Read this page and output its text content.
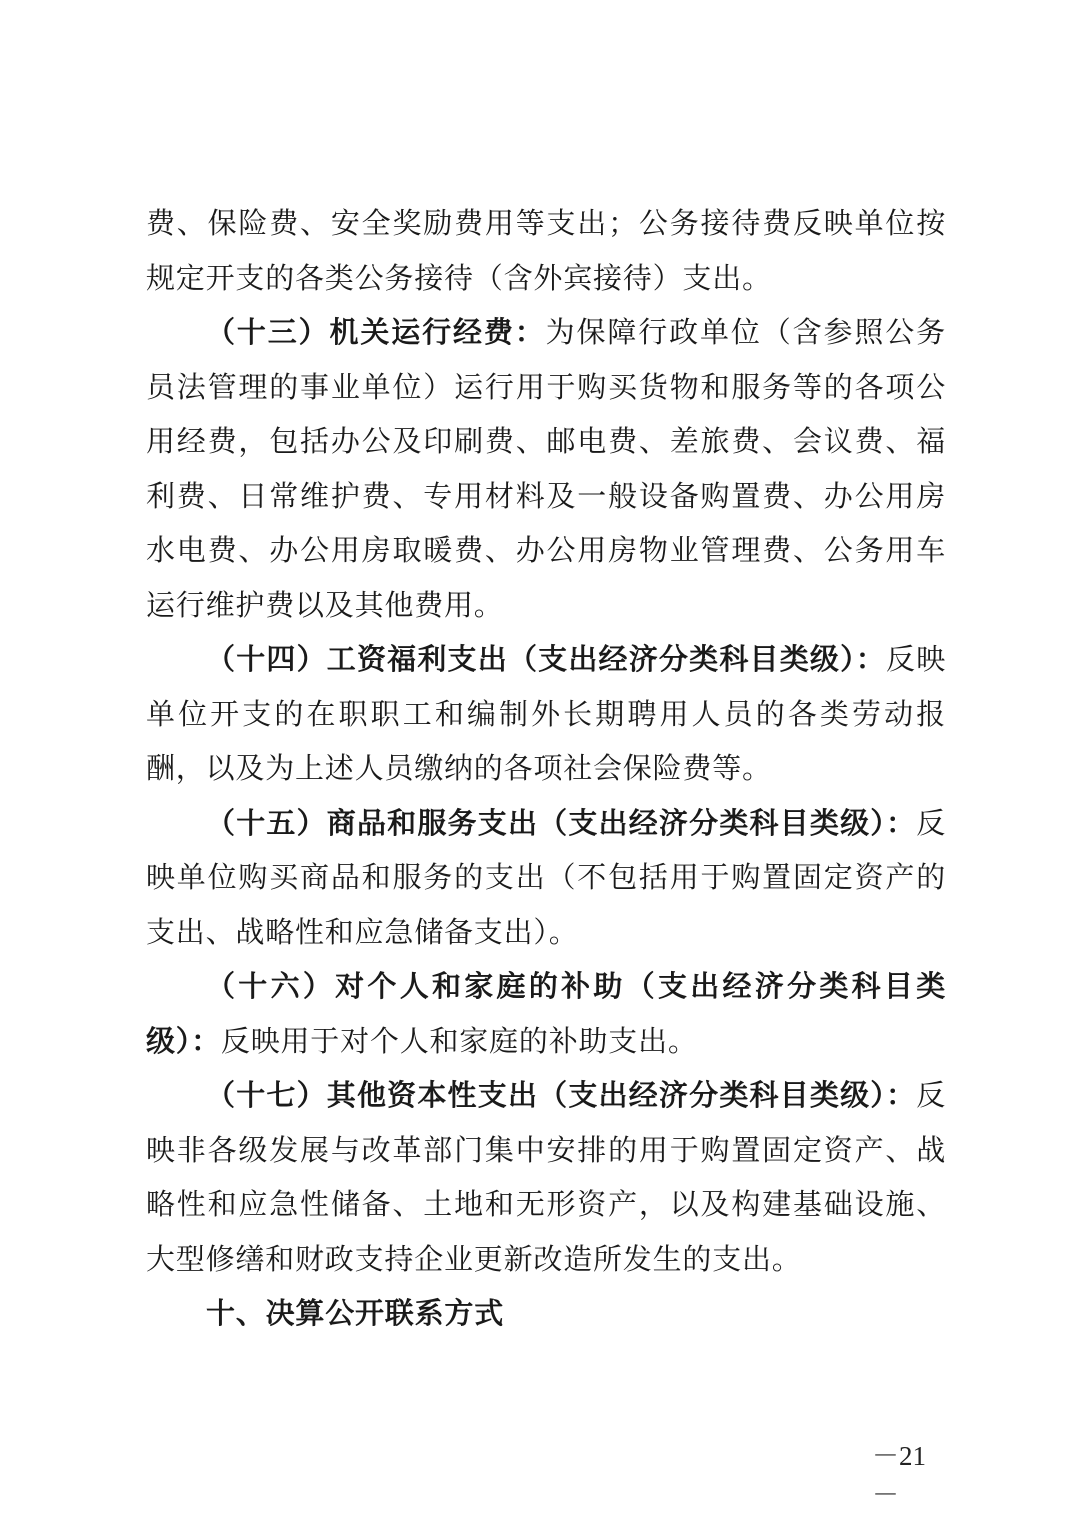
费、保险费、安全奖励费用等支出；公务接待费反映单位按规定开支的各类公务接待（含外宾接待）支出。

（十三）机关运行经费：为保障行政单位（含参照公务员法管理的事业单位）运行用于购买货物和服务等的各项公用经费，包括办公及印刷费、邮电费、差旅费、会议费、福利费、日常维护费、专用材料及一般设备购置费、办公用房水电费、办公用房取暖费、办公用房物业管理费、公务用车运行维护费以及其他费用。

（十四）工资福利支出（支出经济分类科目类级）：反映单位开支的在职职工和编制外长期聘用人员的各类劳动报酬，以及为上述人员缴纳的各项社会保险费等。

（十五）商品和服务支出（支出经济分类科目类级）：反映单位购买商品和服务的支出（不包括用于购置固定资产的支出、战略性和应急储备支出）。

（十六）对个人和家庭的补助（支出经济分类科目类级）：反映用于对个人和家庭的补助支出。

（十七）其他资本性支出（支出经济分类科目类级）：反映非各级发展与改革部门集中安排的用于购置固定资产、战略性和应急性储备、土地和无形资产，以及构建基础设施、大型修缮和财政支持企业更新改造所发生的支出。

十、决算公开联系方式

－21－
